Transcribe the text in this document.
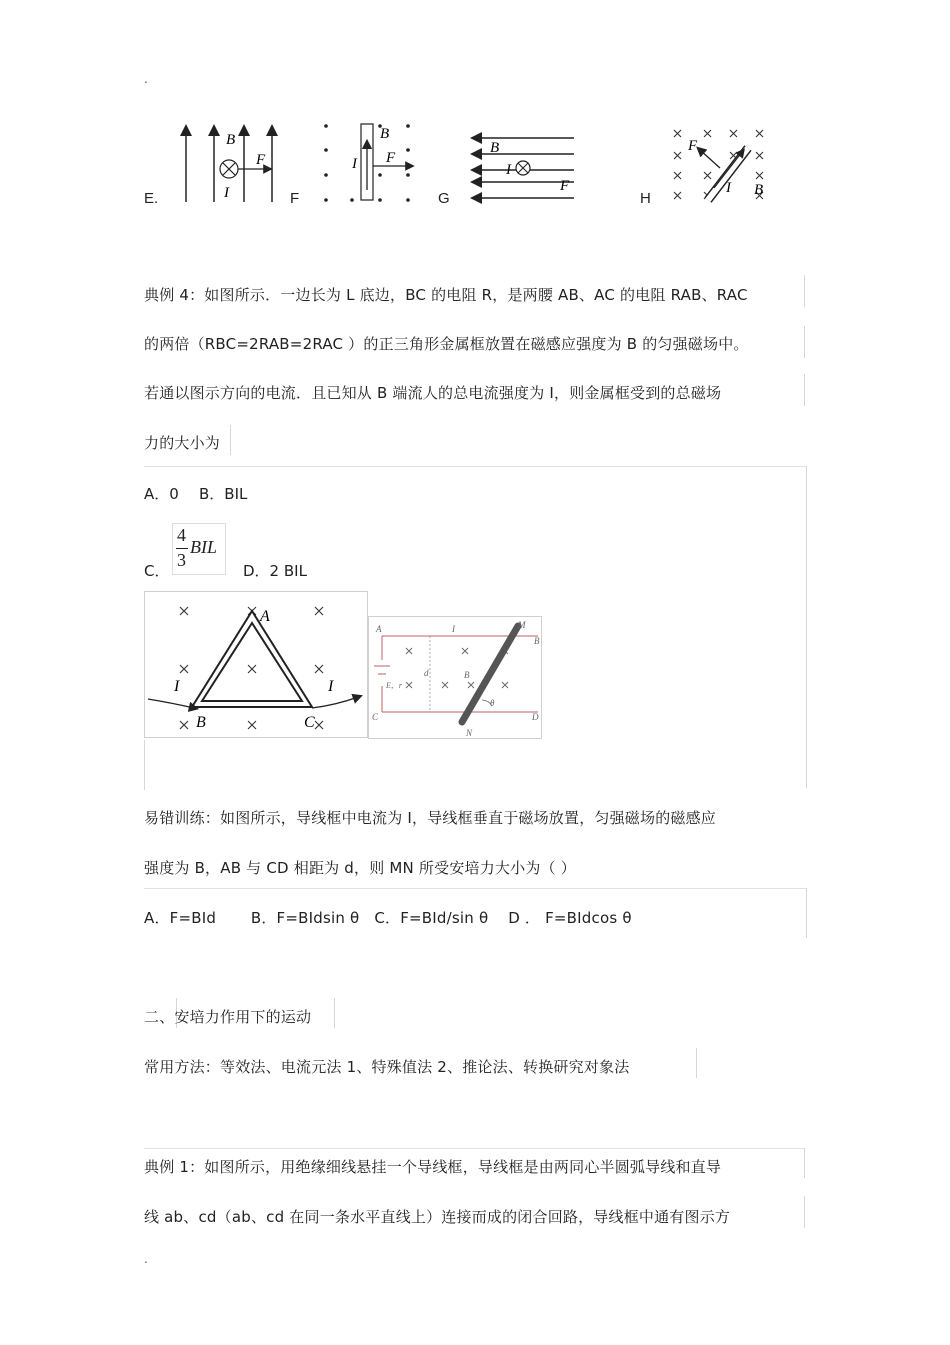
.
.
E.
B
F
I	F
B
F
I
G
B
I
F
H
F
I B
典例 4：如图所示．一边长为 L 底边，BC 的电阻 R，是两腰 AB、AC 的电阻 RAB、RAC
的两倍（RBC=2RAB=2RAC ）的正三角形金属框放置在磁感应强度为 B 的匀强磁场中。
若通以图示方向的电流．且已知从 B 端流人的总电流强度为 I，则金属框受到的总磁场
力的大小为
A．0 B．BIL
C．
4
3
BIL
D．2 BIL
A
B	C
I	I
A
B
C	D
M
N
I
d	B
E，r
θ
易错训练：如图所示，导线框中电流为 I，导线框垂直于磁场放置，匀强磁场的磁感应
强度为 B，AB 与 CD 相距为 d，则 MN 所受安培力大小为（ ）
A．F=BId       B．F=BIdsin θ   C．F=BId/sin θ    D ． F=BIdcos θ
二、安培力作用下的运动
常用方法：等效法、电流元法 1、特殊值法 2、推论法、转换研究对象法
典例 1：如图所示，用绝缘细线悬挂一个导线框，导线框是由两同心半圆弧导线和直导
线 ab、cd（ab、cd 在同一条水平直线上）连接而成的闭合回路，导线框中通有图示方
